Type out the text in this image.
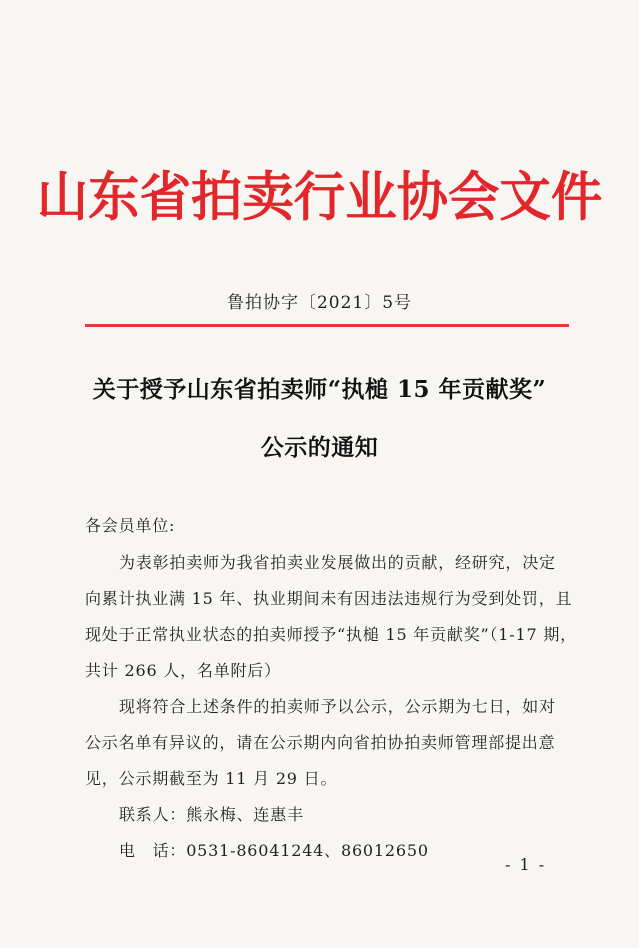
山东省拍卖行业协会文件
鲁拍协字〔2021〕5号
关于授予山东省拍卖师“执槌 15 年贡献奖”
公示的通知
各会员单位:
为表彰拍卖师为我省拍卖业发展做出的贡献，经研究，决定
向累计执业满 15 年、执业期间未有因违法违规行为受到处罚，且
现处于正常执业状态的拍卖师授予“执槌 15 年贡献奖”（1-17 期，
共计 266 人，名单附后）
现将符合上述条件的拍卖师予以公示，公示期为七日，如对
公示名单有异议的，请在公示期内向省拍协拍卖师管理部提出意
见，公示期截至为 11 月 29 日。
联系人：熊永梅、连惠丰
电　话：0531-86041244、86012650
- 1 -
